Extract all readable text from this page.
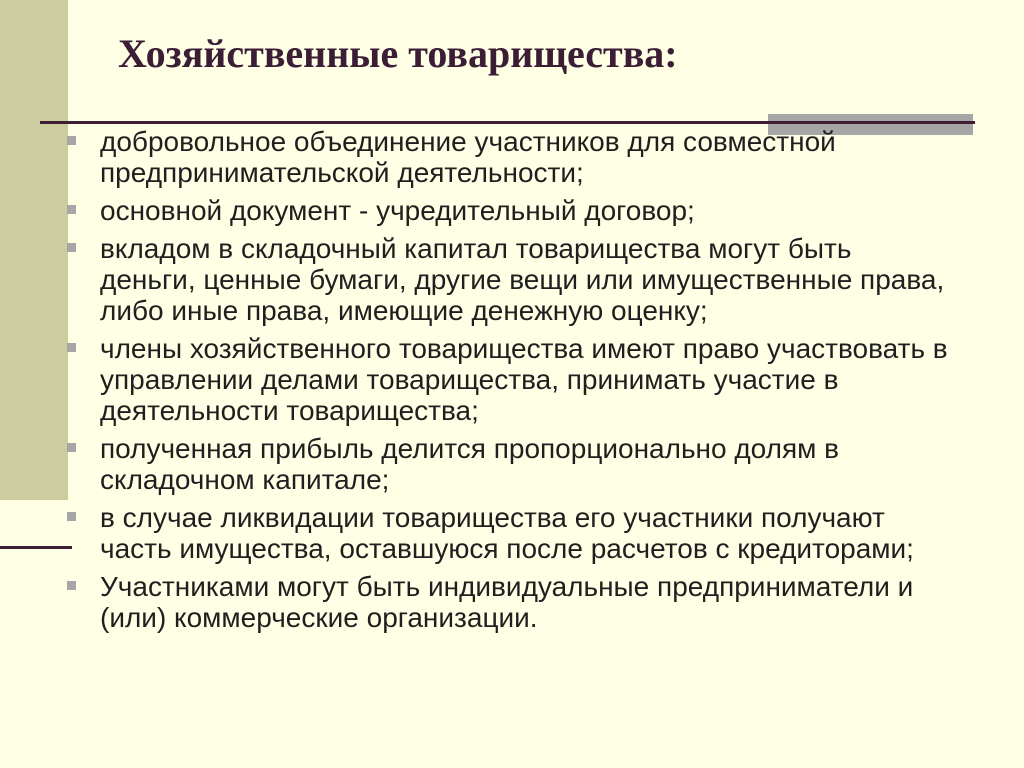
Хозяйственные товарищества:
добровольное объединение участников для совместной
предпринимательской деятельности;
основной документ - учредительный договор;
вкладом в складочный капитал товарищества могут быть
деньги, ценные бумаги, другие вещи или имущественные права,
либо иные права, имеющие денежную оценку;
члены хозяйственного товарищества имеют право участвовать в
управлении делами товарищества, принимать участие в
деятельности товарищества;
полученная прибыль делится пропорционально долям в
складочном капитале;
в случае ликвидации товарищества его участники получают
часть имущества, оставшуюся после расчетов с кредиторами;
Участниками могут быть индивидуальные предприниматели и
(или) коммерческие организации.
